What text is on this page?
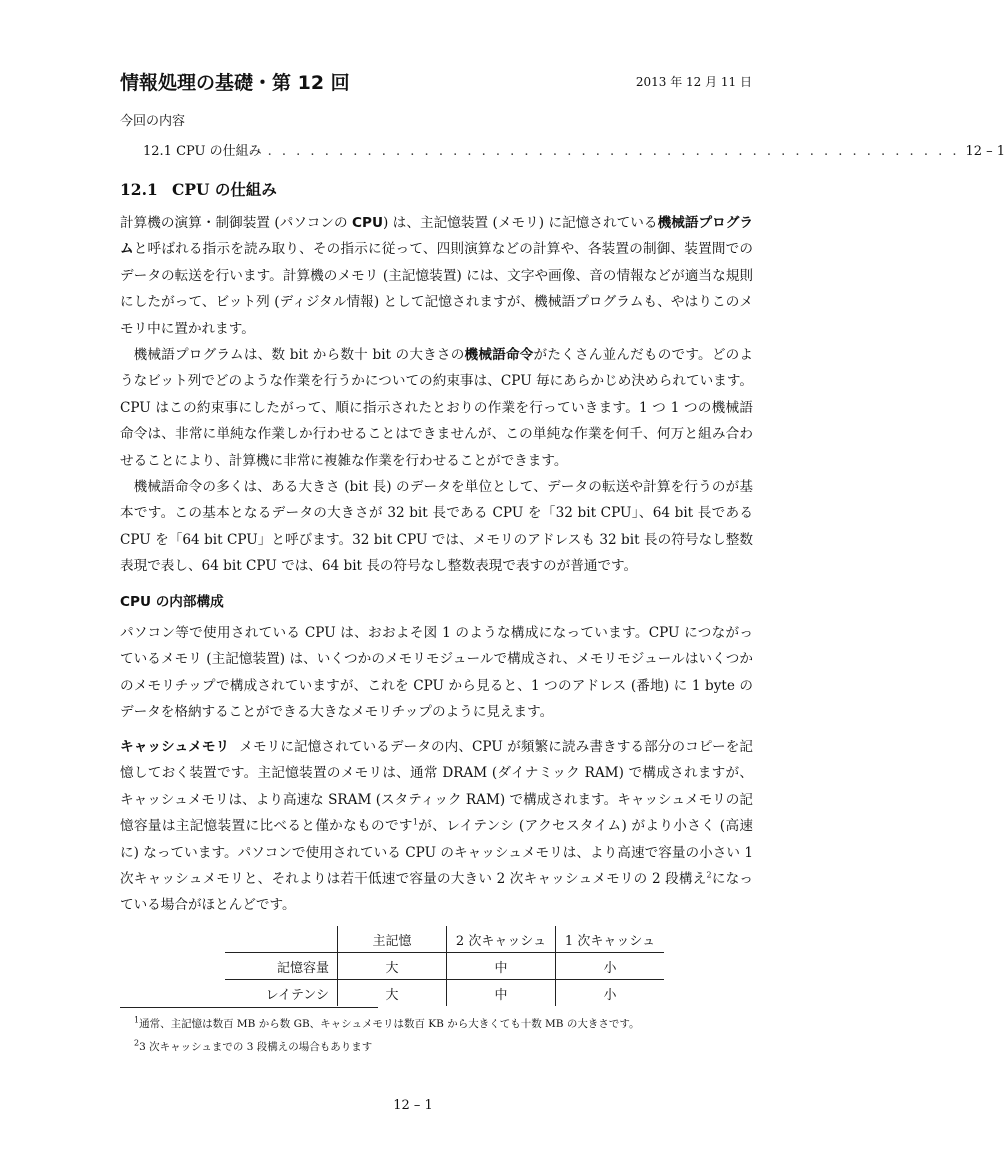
情報処理の基礎・第 12 回	2013 年 12 月 11 日
今回の内容
12.1 CPU の仕組み . . . . . . . . . . . . . . . . . . . . . . . . . . . . . . . . . . . . . . . . . . . . . . . . . 12 – 1
12.1 CPU の仕組み

計算機の演算・制御装置 (パソコンの CPU) は、主記憶装置 (メモリ) に記憶されている機械語プログラムと呼ばれる指示を読み取り、その指示に従って、四則演算などの計算や、各装置の制御、装置間でのデータの転送を行います。計算機のメモリ (主記憶装置) には、文字や画像、音の情報などが適当な規則にしたがって、ビット列 (ディジタル情報) として記憶されますが、機械語プログラムも、やはりこのメモリ中に置かれます。

機械語プログラムは、数 bit から数十 bit の大きさの機械語命令がたくさん並んだものです。どのようなビット列でどのような作業を行うかについての約束事は、CPU 毎にあらかじめ決められています。CPU はこの約束事にしたがって、順に指示されたとおりの作業を行っていきます。1 つ 1 つの機械語命令は、非常に単純な作業しか行わせることはできませんが、この単純な作業を何千、何万と組み合わせることにより、計算機に非常に複雑な作業を行わせることができます。

機械語命令の多くは、ある大きさ (bit 長) のデータを単位として、データの転送や計算を行うのが基本です。この基本となるデータの大きさが 32 bit 長である CPU を「32 bit CPU」、64 bit 長である CPU を「64 bit CPU」と呼びます。32 bit CPU では、メモリのアドレスも 32 bit 長の符号なし整数表現で表し、64 bit CPU では、64 bit 長の符号なし整数表現で表すのが普通です。

CPU の内部構成

パソコン等で使用されている CPU は、おおよそ図 1 のような構成になっています。CPU につながっているメモリ (主記憶装置) は、いくつかのメモリモジュールで構成され、メモリモジュールはいくつかのメモリチップで構成されていますが、これを CPU から見ると、1 つのアドレス (番地) に 1 byte のデータを格納することができる大きなメモリチップのように見えます。

キャッシュメモリ メモリに記憶されているデータの内、CPU が頻繁に読み書きする部分のコピーを記憶しておく装置です。主記憶装置のメモリは、通常 DRAM (ダイナミック RAM) で構成されますが、キャッシュメモリは、より高速な SRAM (スタティック RAM) で構成されます。キャッシュメモリの記憶容量は主記憶装置に比べると僅かなものです$^1$が、レイテンシ (アクセスタイム) がより小さく (高速に) なっています。パソコンで使用されている CPU のキャッシュメモリは、より高速で容量の小さい 1 次キャッシュメモリと、それよりは若干低速で容量の大きい 2 次キャッシュメモリの 2 段構え$^2$になっている場合がほとんどです。

	主記憶	2 次キャッシュ	1 次キャッシュ
記憶容量	大	中	小
レイテンシ	大	中	小
$^1$通常、主記憶は数百 MB から数 GB、キャシュメモリは数百 KB から大きくても十数 MB の大きさです。
$^2$3 次キャッシュまでの 3 段構えの場合もあります
12 – 1
